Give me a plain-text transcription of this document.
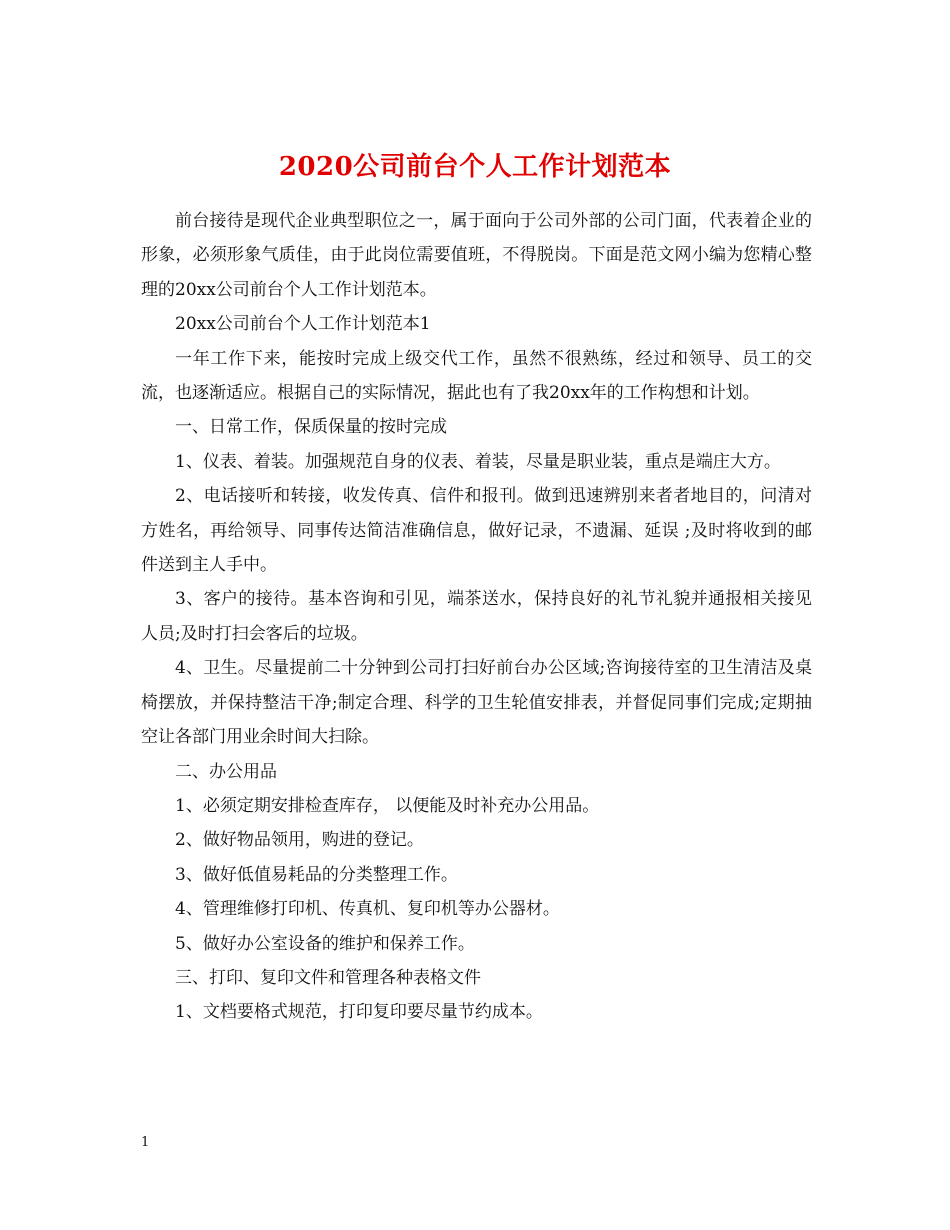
2020公司前台个人工作计划范本

前台接待是现代企业典型职位之一，属于面向于公司外部的公司门面，代表着企业的形象，必须形象气质佳，由于此岗位需要值班，不得脱岗。下面是范文网小编为您精心整理的20xx公司前台个人工作计划范本。

20xx公司前台个人工作计划范本1

一年工作下来，能按时完成上级交代工作，虽然不很熟练，经过和领导、员工的交流，也逐渐适应。根据自己的实际情况，据此也有了我20xx年的工作构想和计划。

一、日常工作，保质保量的按时完成

1、仪表、着装。加强规范自身的仪表、着装，尽量是职业装，重点是端庄大方。

2、电话接听和转接，收发传真、信件和报刊。做到迅速辨别来者者地目的，问清对方姓名，再给领导、同事传达简洁准确信息，做好记录，不遗漏、延误 ;及时将收到的邮件送到主人手中。

3、客户的接待。基本咨询和引见，端茶送水，保持良好的礼节礼貌并通报相关接见人员;及时打扫会客后的垃圾。

4、卫生。尽量提前二十分钟到公司打扫好前台办公区域;咨询接待室的卫生清洁及桌椅摆放，并保持整洁干净;制定合理、科学的卫生轮值安排表，并督促同事们完成;定期抽空让各部门用业余时间大扫除。

二、办公用品

1、必须定期安排检查库存， 以便能及时补充办公用品。

2、做好物品领用，购进的登记。

3、做好低值易耗品的分类整理工作。

4、管理维修打印机、传真机、复印机等办公器材。

5、做好办公室设备的维护和保养工作。

三、打印、复印文件和管理各种表格文件

1、文档要格式规范，打印复印要尽量节约成本。

1
